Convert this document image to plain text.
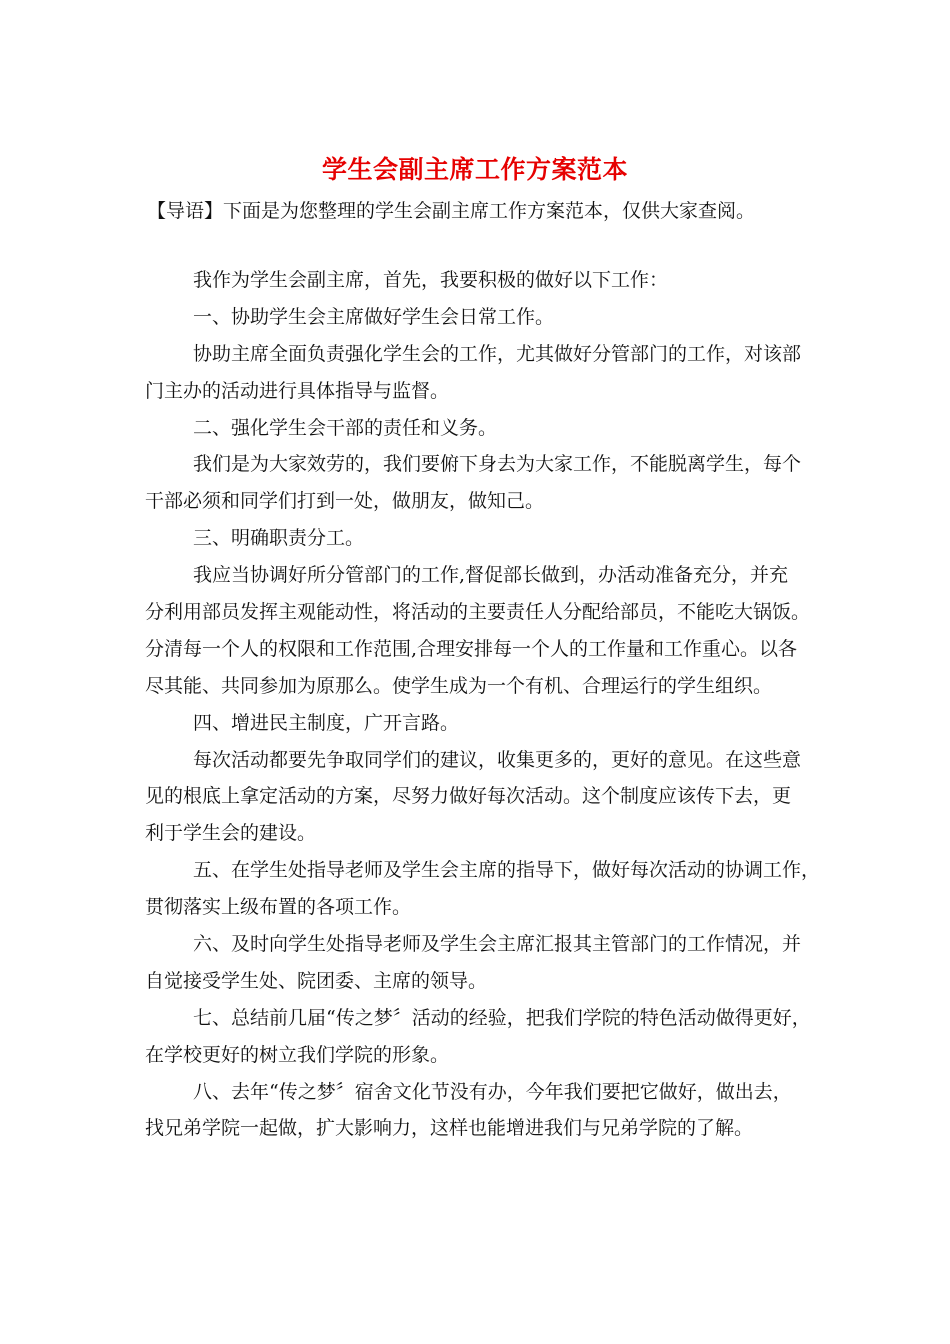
学生会副主席工作方案范本
【导语】下面是为您整理的学生会副主席工作方案范本，仅供大家查阅。
我作为学生会副主席，首先，我要积极的做好以下工作：
一、协助学生会主席做好学生会日常工作。
协助主席全面负责强化学生会的工作，尤其做好分管部门的工作，对该部
门主办的活动进行具体指导与监督。
二、强化学生会干部的责任和义务。
我们是为大家效劳的，我们要俯下身去为大家工作，不能脱离学生，每个
干部必须和同学们打到一处，做朋友，做知己。
三、明确职责分工。
我应当协调好所分管部门的工作,督促部长做到，办活动准备充分，并充
分利用部员发挥主观能动性，将活动的主要责任人分配给部员，不能吃大锅饭。
分清每一个人的权限和工作范围,合理安排每一个人的工作量和工作重心。以各
尽其能、共同参加为原那么。使学生成为一个有机、合理运行的学生组织。
四、增进民主制度，广开言路。
每次活动都要先争取同学们的建议，收集更多的，更好的意见。在这些意
见的根底上拿定活动的方案，尽努力做好每次活动。这个制度应该传下去，更
利于学生会的建设。
五、在学生处指导老师及学生会主席的指导下，做好每次活动的协调工作，
贯彻落实上级布置的各项工作。
六、及时向学生处指导老师及学生会主席汇报其主管部门的工作情况，并
自觉接受学生处、院团委、主席的领导。
七、总结前几届“传之梦〞活动的经验，把我们学院的特色活动做得更好，
在学校更好的树立我们学院的形象。
八、去年“传之梦〞宿舍文化节没有办，今年我们要把它做好，做出去，
找兄弟学院一起做，扩大影响力，这样也能增进我们与兄弟学院的了解。
